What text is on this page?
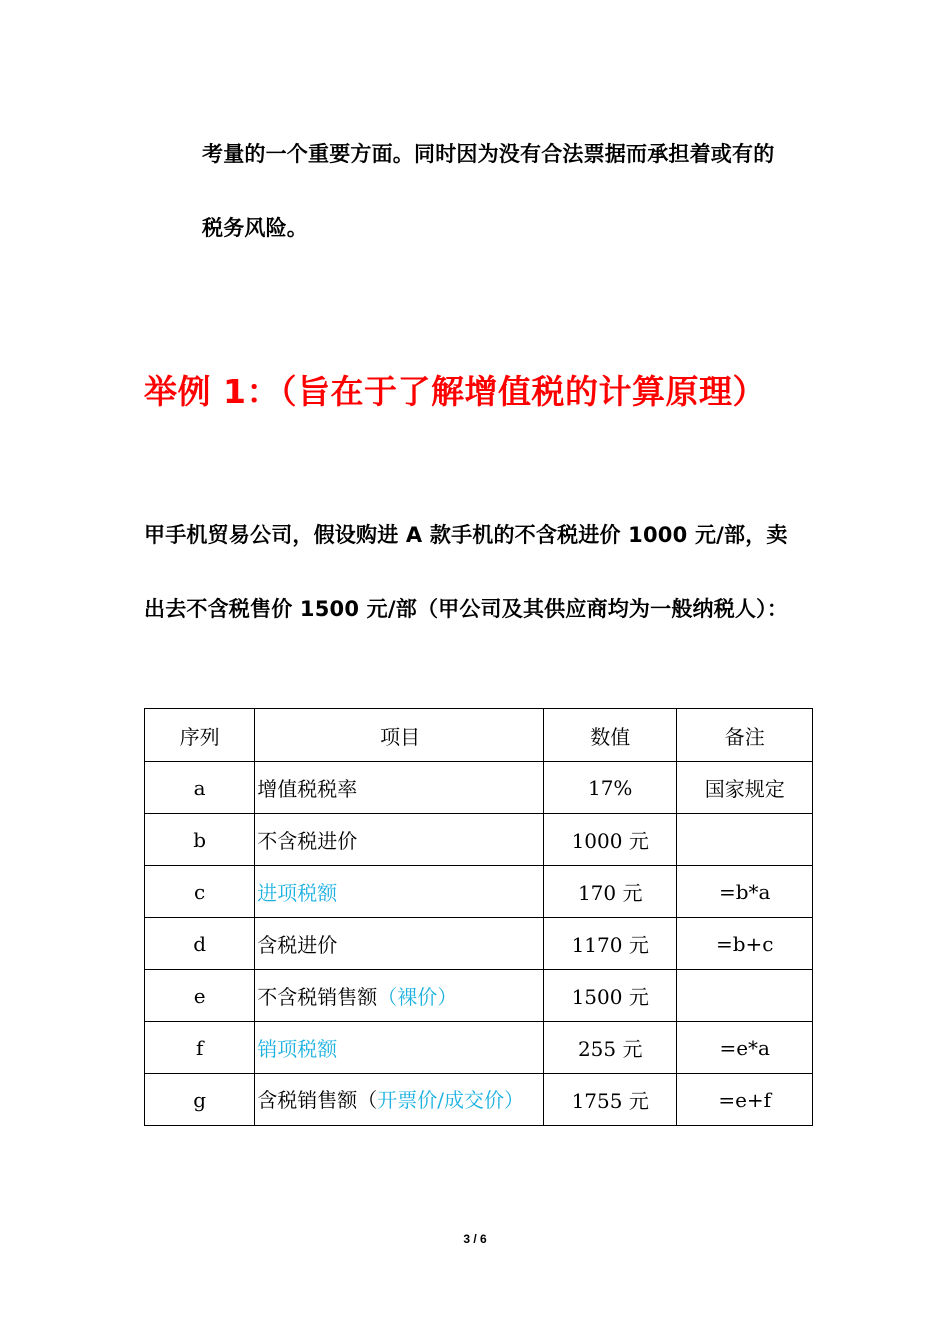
考量的一个重要方面。同时因为没有合法票据而承担着或有的
税务风险。
举例 1：（旨在于了解增值税的计算原理）
甲手机贸易公司，假设购进 A 款手机的不含税进价 1000 元/部，卖
出去不含税售价 1500 元/部（甲公司及其供应商均为一般纳税人）：
序列	项目	数值	备注
a	增值税税率	17%	国家规定
b	不含税进价	1000 元	
c	进项税额	170 元	=b*a
d	含税进价	1170 元	=b+c
e	不含税销售额（裸价）	1500 元	
f	销项税额	255 元	=e*a
g	含税销售额（开票价/成交价）	1755 元	=e+f
3 / 6
